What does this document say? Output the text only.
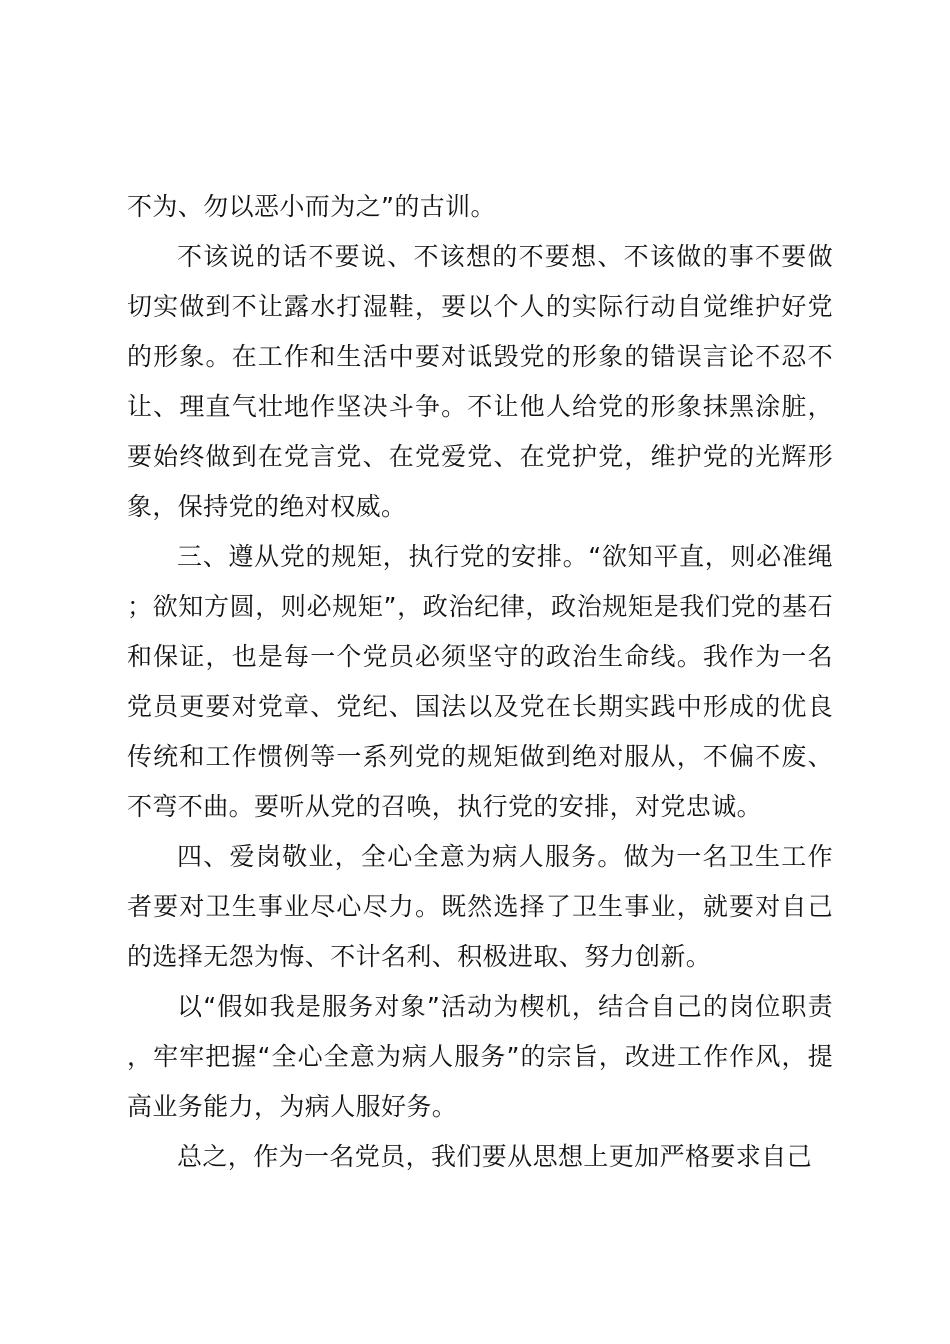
不为、勿以恶小而为之”的古训。

不该说的话不要说、不该想的不要想、不该做的事不要做切实做到不让露水打湿鞋，要以个人的实际行动自觉维护好党的形象。在工作和生活中要对诋毁党的形象的错误言论不忍不让、理直气壮地作坚决斗争。不让他人给党的形象抹黑涂脏，要始终做到在党言党、在党爱党、在党护党，维护党的光辉形象，保持党的绝对权威。

三、遵从党的规矩，执行党的安排。“欲知平直，则必准绳；欲知方圆，则必规矩”，政治纪律，政治规矩是我们党的基石和保证，也是每一个党员必须坚守的政治生命线。我作为一名党员更要对党章、党纪、国法以及党在长期实践中形成的优良传统和工作惯例等一系列党的规矩做到绝对服从，不偏不废、不弯不曲。要听从党的召唤，执行党的安排，对党忠诚。

四、爱岗敬业，全心全意为病人服务。做为一名卫生工作者要对卫生事业尽心尽力。既然选择了卫生事业，就要对自己的选择无怨为悔、不计名利、积极进取、努力创新。

以“假如我是服务对象”活动为楔机，结合自己的岗位职责，牢牢把握“全心全意为病人服务”的宗旨，改进工作作风，提高业务能力，为病人服好务。

总之，作为一名党员，我们要从思想上更加严格要求自己
